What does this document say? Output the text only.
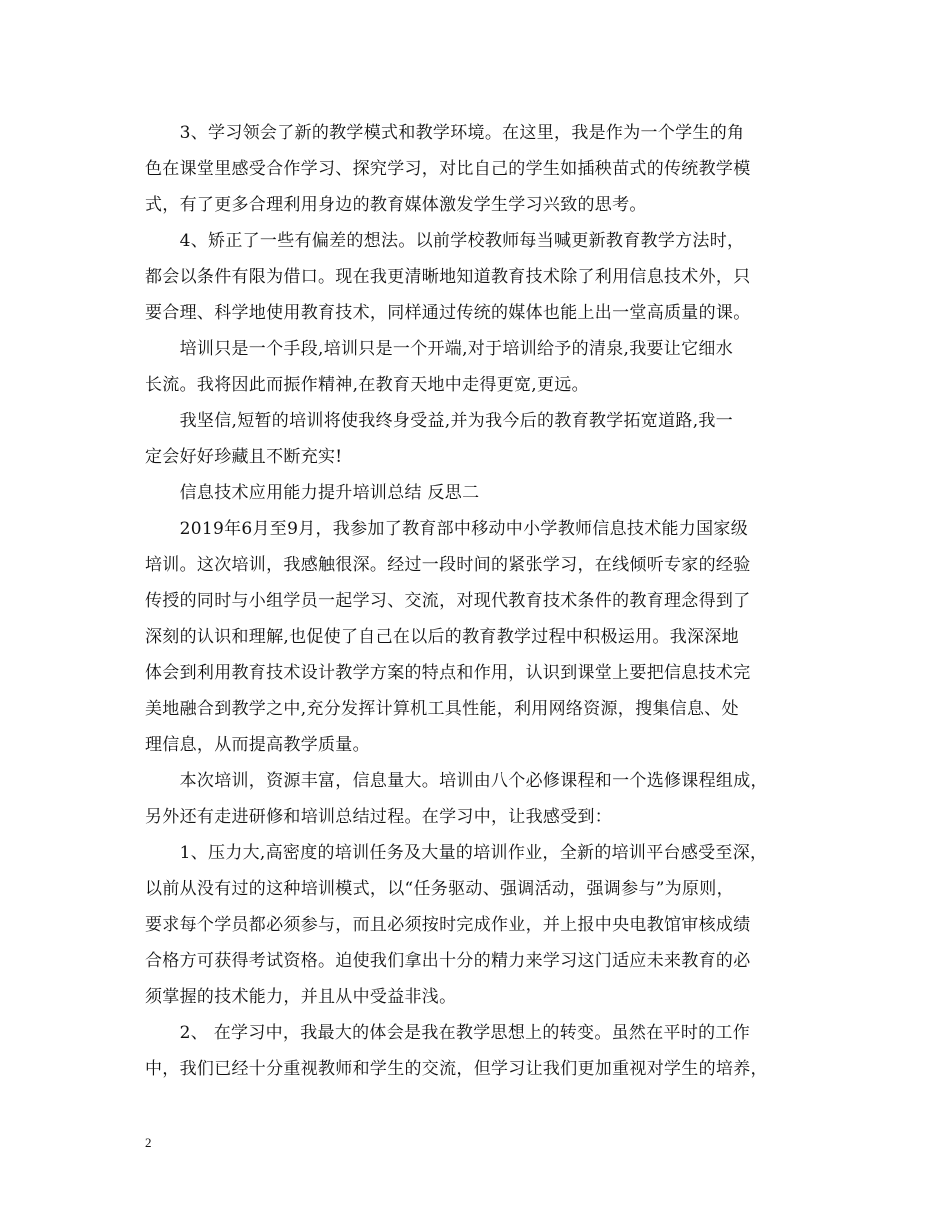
　　3、学习领会了新的教学模式和教学环境。在这里，我是作为一个学生的角
色在课堂里感受合作学习、探究学习，对比自己的学生如插秧苗式的传统教学模
式，有了更多合理利用身边的教育媒体激发学生学习兴致的思考。
　　4、矫正了一些有偏差的想法。以前学校教师每当喊更新教育教学方法时，
都会以条件有限为借口。现在我更清晰地知道教育技术除了利用信息技术外，只
要合理、科学地使用教育技术，同样通过传统的媒体也能上出一堂高质量的课。
　　培训只是一个手段,培训只是一个开端,对于培训给予的清泉,我要让它细水
长流。我将因此而振作精神,在教育天地中走得更宽,更远。
　　我坚信,短暂的培训将使我终身受益,并为我今后的教育教学拓宽道路,我一
定会好好珍藏且不断充实!
　　信息技术应用能力提升培训总结 反思二
　　2019年6月至9月，我参加了教育部中移动中小学教师信息技术能力国家级
培训。这次培训，我感触很深。经过一段时间的紧张学习，在线倾听专家的经验
传授的同时与小组学员一起学习、交流，对现代教育技术条件的教育理念得到了
深刻的认识和理解,也促使了自己在以后的教育教学过程中积极运用。我深深地
体会到利用教育技术设计教学方案的特点和作用，认识到课堂上要把信息技术完
美地融合到教学之中,充分发挥计算机工具性能，利用网络资源，搜集信息、处
理信息，从而提高教学质量。
　　本次培训，资源丰富，信息量大。培训由八个必修课程和一个选修课程组成，
另外还有走进研修和培训总结过程。在学习中，让我感受到：
　　1、压力大,高密度的培训任务及大量的培训作业，全新的培训平台感受至深，
以前从没有过的这种培训模式，以“任务驱动、强调活动，强调参与”为原则，
要求每个学员都必须参与，而且必须按时完成作业，并上报中央电教馆审核成绩
合格方可获得考试资格。迫使我们拿出十分的精力来学习这门适应未来教育的必
须掌握的技术能力，并且从中受益非浅。
　　2、 在学习中，我最大的体会是我在教学思想上的转变。虽然在平时的工作
中，我们已经十分重视教师和学生的交流，但学习让我们更加重视对学生的培养，
2
